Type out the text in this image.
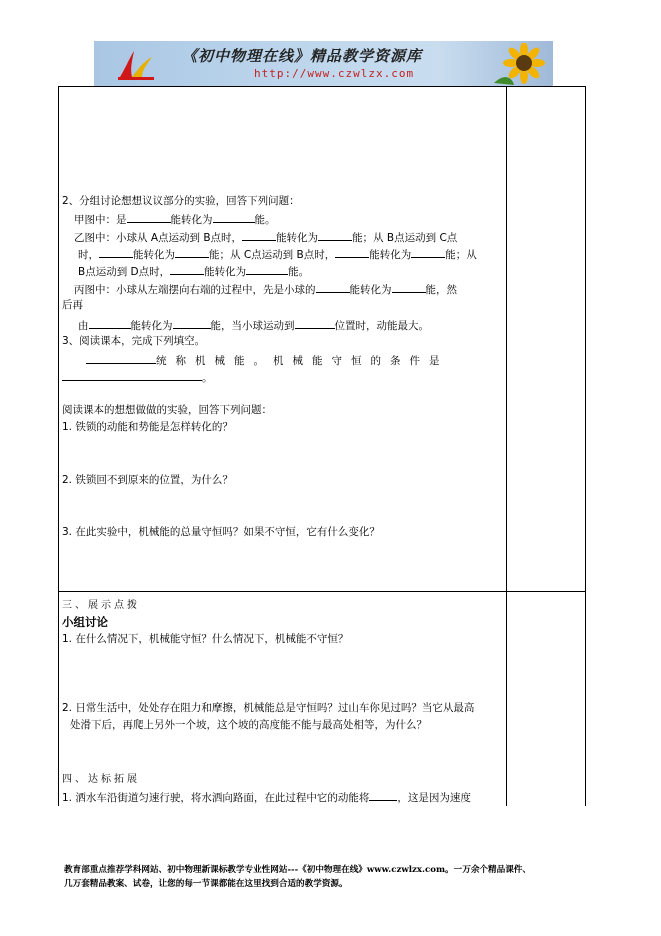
《初中物理在线》精品教学资源库
http://www.czwlzx.com
2、分组讨论想想议议部分的实验，回答下列问题：
甲图中：是	能转化为	能。
乙图中：小球从 A点运动到 B点时，	能转化为	能；从 B点运动到 C点
时，	能转化为	能；从 C点运动到 B点时，	能转化为	能；从
B点运动到 D点时，	能转化为	能。
丙图中：小球从左端摆向右端的过程中，先是小球的	能转化为	能，然
后再
由	能转化为	能，当小球运动到	位置时，动能最大。
3、阅读课本，完成下列填空。
统称机械能。机械能守恒的条件是
。
阅读课本的想想做做的实验，回答下列问题：
1. 铁锁的动能和势能是怎样转化的？
2. 铁锁回不到原来的位置，为什么？
3. 在此实验中，机械能的总量守恒吗？如果不守恒，它有什么变化？
三、展示点拨
小组讨论
1. 在什么情况下，机械能守恒？什么情况下，机械能不守恒？
2. 日常生活中，处处存在阻力和摩擦，机械能总是守恒吗？过山车你见过吗？当它从最高
处滑下后，再爬上另外一个坡，这个坡的高度能不能与最高处相等，为什么？
四、达标拓展
1. 洒水车沿街道匀速行驶，将水洒向路面，在此过程中它的动能将	，这是因为速度
教育部重点推荐学科网站、初中物理新课标教学专业性网站---《初中物理在线》www.czwlzx.com。一万余个精品课件、
几万套精品教案、试卷，让您的每一节课都能在这里找到合适的教学资源。
